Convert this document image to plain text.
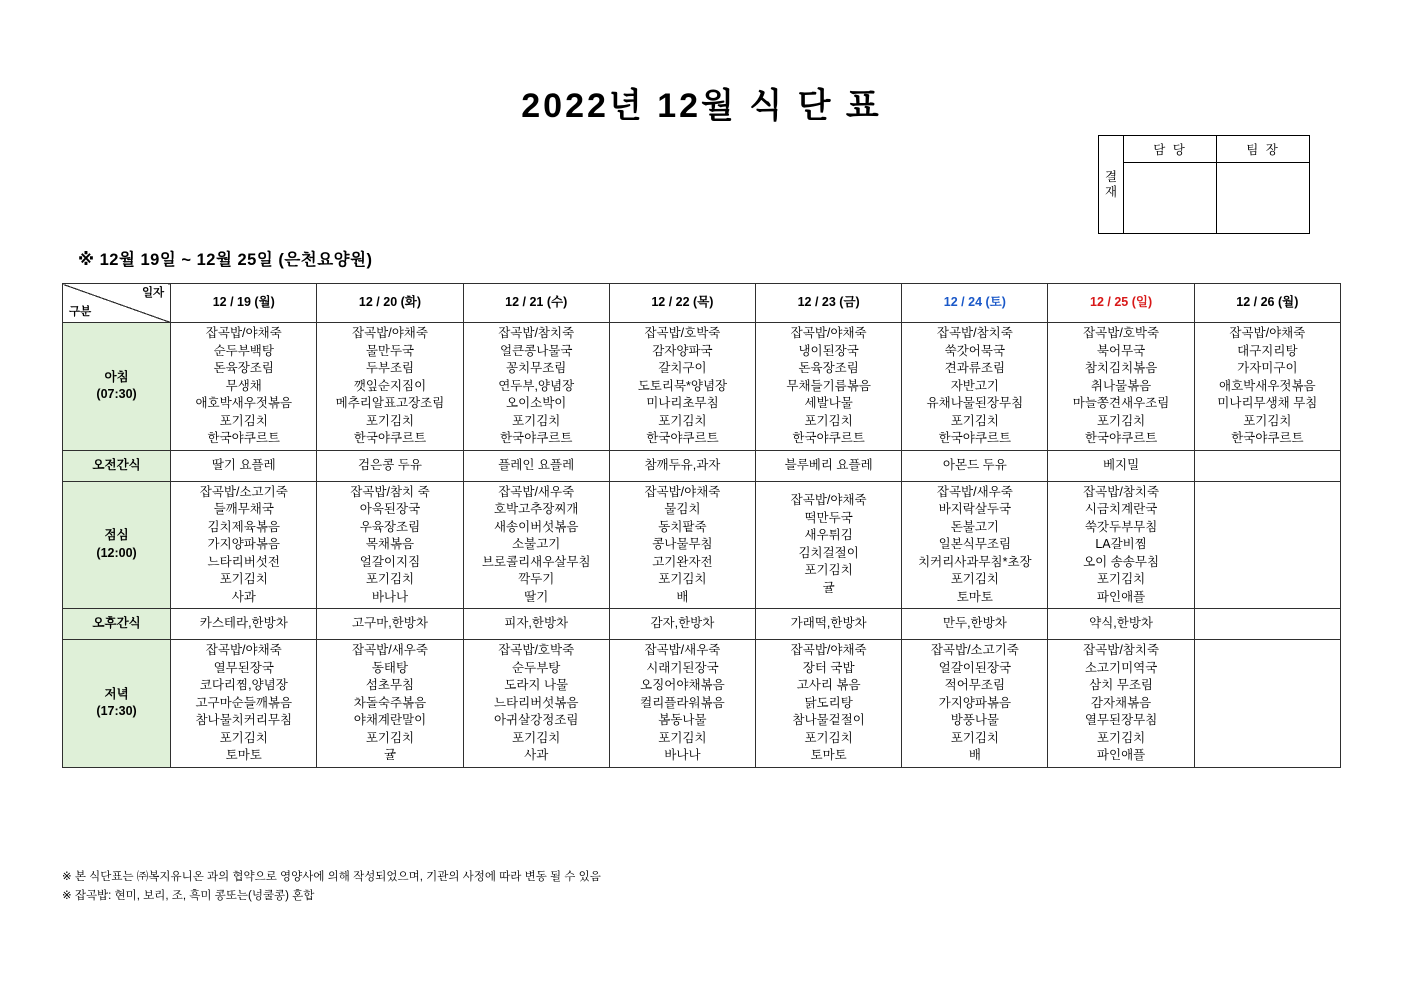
2022년 12월 식 단 표
결
재	담 당	팀 장

※ 12월 19일 ~ 12월 25일 (은천요양원)
일자
구분	12 / 19 (월)	12 / 20 (화)	12 / 21 (수)	12 / 22 (목)	12 / 23 (금)	12 / 24 (토)	12 / 25 (일)	12 / 26 (월)

아침
(07:30)

잡곡밥/야채죽
순두부백탕
돈육장조림
무생채
애호박새우젓볶음
포기김치
한국야쿠르트

잡곡밥/야채죽
물만두국
두부조림
깻잎순지짐이
메추리알표고장조림
포기김치
한국야쿠르트

잡곡밥/참치죽
얼큰콩나물국
꽁치무조림
연두부,양념장
오이소박이
포기김치
한국야쿠르트

잡곡밥/호박죽
감자양파국
갈치구이
도토리묵*양념장
미나리초무침
포기김치
한국야쿠르트

잡곡밥/야채죽
냉이된장국
돈육장조림
무채들기름볶음
세발나물
포기김치
한국야쿠르트

잡곡밥/참치죽
쑥갓어묵국
견과류조림
자반고기
유채나물된장무침
포기김치
한국야쿠르트

잡곡밥/호박죽
북어무국
참치김치볶음
취나물볶음
마늘쫑견새우조림
포기김치
한국야쿠르트

잡곡밥/야채죽
대구지리탕
가자미구이
애호박새우젓볶음
미나리무생채 무침
포기김치
한국야쿠르트

오전간식	딸기 요플레	검은콩 두유	플레인 요플레	참깨두유,과자	블루베리 요플레	아몬드 두유	베지밀	

점심
(12:00)

잡곡밥/소고기죽
들깨무채국
김치제육볶음
가지양파볶음
느타리버섯전
포기김치
사과

잡곡밥/참치 죽
아욱된장국
우육장조림
목채볶음
얼갈이지짐
포기김치
바나나

잡곡밥/새우죽
호박고추장찌개
새송이버섯볶음
소불고기
브로콜리새우살무침
깍두기
딸기

잡곡밥/야채죽
물김치
동치팥죽
콩나물무침
고기완자전
포기김치
배

잡곡밥/야채죽
떡만두국
새우튀김
김치걸절이
포기김치
귤

잡곡밥/새우죽
바지락살두국
돈불고기
일본식무조림
치커리사과무침*초장
포기김치
토마토

잡곡밥/참치죽
시금치계란국
쑥갓두부무침
LA갈비찜
오이 송송무침
포기김치
파인애플

오후간식	카스테라,한방차	고구마,한방차	피자,한방차	감자,한방차	가래떡,한방차	만두,한방차	약식,한방차	

저녁
(17:30)

잡곡밥/야채죽
열무된장국
코다리찜,양념장
고구마순들깨볶음
참나물치커리무침
포기김치
토마토

잡곡밥/새우죽
동태탕
섬초무침
차돌숙주볶음
야채계란말이
포기김치
귤

잡곡밥/호박죽
순두부탕
도라지 나물
느타리버섯볶음
아귀살강정조림
포기김치
사과

잡곡밥/새우죽
시래기된장국
오징어야채볶음
컬리플라워볶음
봄동나물
포기김치
바나나

잡곡밥/야채죽
장터 국밥
고사리 볶음
닭도리탕
참나물겉절이
포기김치
토마토

잡곡밥/소고기죽
얼갈이된장국
적어무조림
가지양파볶음
방풍나물
포기김치
배

잡곡밥/참치죽
소고기미역국
삼치 무조림
감자채볶음
열무된장무침
포기김치
파인애플

※ 본 식단표는 ㈜복지유니온 과의 협약으로 영양사에 의해 작성되었으며, 기관의 사정에 따라 변동 될 수 있음
※ 잡곡밥: 현미, 보리, 조, 흑미 콩또는(넝쿨콩) 혼합
